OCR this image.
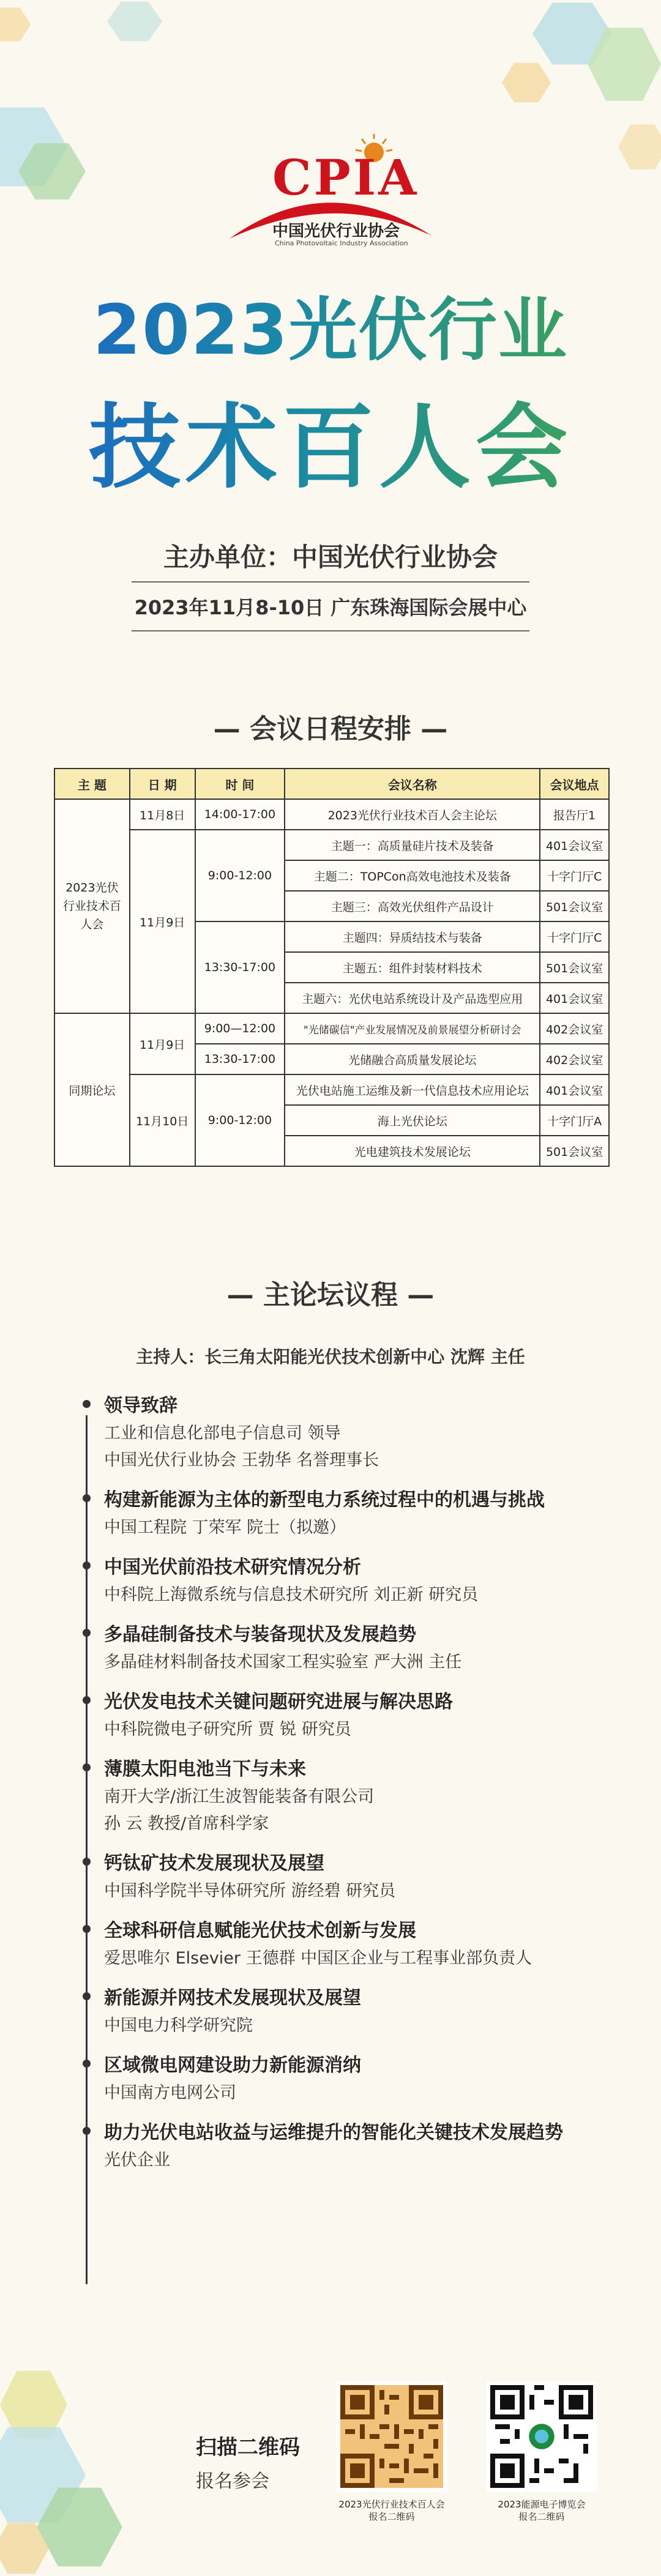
CPIA
中国光伏行业协会
China Photovoltaic Industry Association
2023光伏行业
技术百人会
主办单位：中国光伏行业协会
2023年11月8-10日 广东珠海国际会展中心
— 会议日程安排 —
主 题	日 期	时 间	会议名称	会议地点
2023光伏行业技术百人会	11月8日	14:00-17:00	2023光伏行业技术百人会主论坛	报告厅1
	11月9日	9:00-12:00	主题一：高质量硅片技术及装备	401会议室
			主题二：TOPCon高效电池技术及装备	十字门厅C
			主题三：高效光伏组件产品设计	501会议室
		13:30-17:00	主题四：异质结技术与装备	十字门厅C
			主题五：组件封装材料技术	501会议室
			主题六：光伏电站系统设计及产品选型应用	401会议室
同期论坛	11月9日	9:00—12:00	"光储碳信"产业发展情况及前景展望分析研讨会	402会议室
		13:30-17:00	光储融合高质量发展论坛	402会议室
	11月10日	9:00-12:00	光伏电站施工运维及新一代信息技术应用论坛	401会议室
			海上光伏论坛	十字门厅A
			光电建筑技术发展论坛	501会议室
— 主论坛议程 —
主持人：长三角太阳能光伏技术创新中心 沈辉 主任
领导致辞
工业和信息化部电子信息司 领导
中国光伏行业协会 王勃华 名誉理事长
构建新能源为主体的新型电力系统过程中的机遇与挑战
中国工程院 丁荣军 院士（拟邀）
中国光伏前沿技术研究情况分析
中科院上海微系统与信息技术研究所 刘正新 研究员
多晶硅制备技术与装备现状及发展趋势
多晶硅材料制备技术国家工程实验室 严大洲 主任
光伏发电技术关键问题研究进展与解决思路
中科院微电子研究所 贾 锐 研究员
薄膜太阳电池当下与未来
南开大学/浙江生波智能装备有限公司
孙 云 教授/首席科学家
钙钛矿技术发展现状及展望
中国科学院半导体研究所 游经碧 研究员
全球科研信息赋能光伏技术创新与发展
爱思唯尔 Elsevier 王德群 中国区企业与工程事业部负责人
新能源并网技术发展现状及展望
中国电力科学研究院
区域微电网建设助力新能源消纳
中国南方电网公司
助力光伏电站收益与运维提升的智能化关键技术发展趋势
光伏企业
扫描二维码
报名参会
2023光伏行业技术百人会
报名二维码
2023能源电子博览会
报名二维码
